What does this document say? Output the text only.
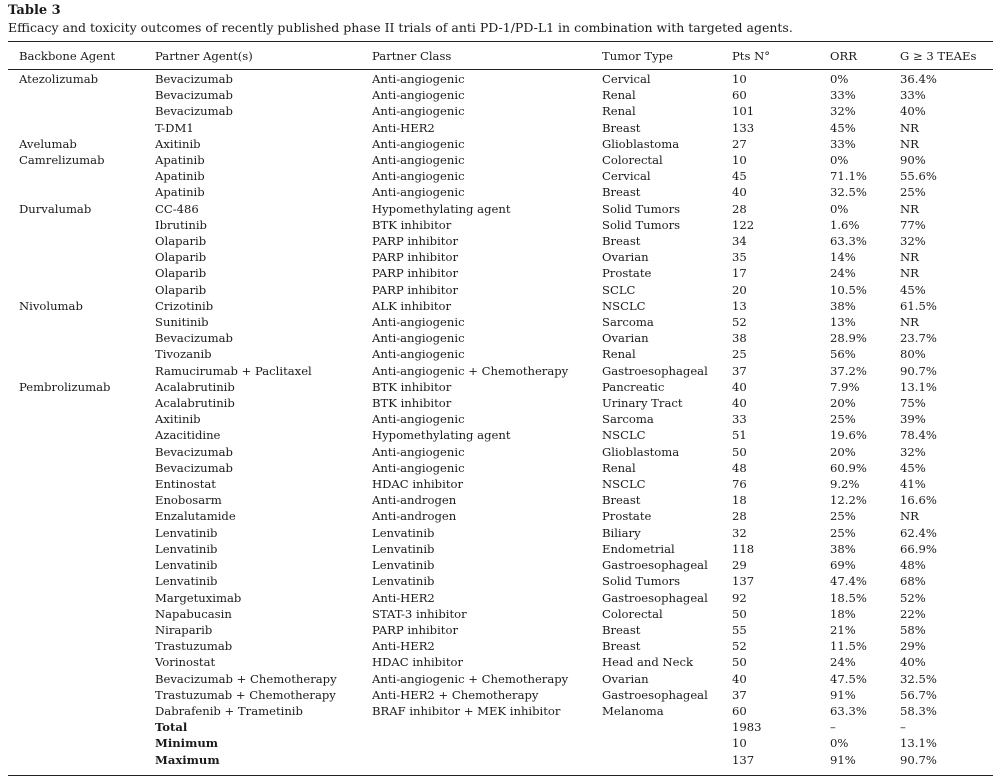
Table 3
Efficacy and toxicity outcomes of recently published phase II trials of anti PD-1/PD-L1 in combination with targeted agents.
Backbone Agent	Partner Agent(s)	Partner Class	Tumor Type	Pts N°	ORR	G ≥ 3 TEAEs
Atezolizumab	Bevacizumab	Anti-angiogenic	Cervical	10	0%	36.4%
	Bevacizumab	Anti-angiogenic	Renal	60	33%	33%
	Bevacizumab	Anti-angiogenic	Renal	101	32%	40%
	T-DM1	Anti-HER2	Breast	133	45%	NR
Avelumab	Axitinib	Anti-angiogenic	Glioblastoma	27	33%	NR
Camrelizumab	Apatinib	Anti-angiogenic	Colorectal	10	0%	90%
	Apatinib	Anti-angiogenic	Cervical	45	71.1%	55.6%
	Apatinib	Anti-angiogenic	Breast	40	32.5%	25%
Durvalumab	CC-486	Hypomethylating agent	Solid Tumors	28	0%	NR
	Ibrutinib	BTK inhibitor	Solid Tumors	122	1.6%	77%
	Olaparib	PARP inhibitor	Breast	34	63.3%	32%
	Olaparib	PARP inhibitor	Ovarian	35	14%	NR
	Olaparib	PARP inhibitor	Prostate	17	24%	NR
	Olaparib	PARP inhibitor	SCLC	20	10.5%	45%
Nivolumab	Crizotinib	ALK inhibitor	NSCLC	13	38%	61.5%
	Sunitinib	Anti-angiogenic	Sarcoma	52	13%	NR
	Bevacizumab	Anti-angiogenic	Ovarian	38	28.9%	23.7%
	Tivozanib	Anti-angiogenic	Renal	25	56%	80%
	Ramucirumab + Paclitaxel	Anti-angiogenic + Chemotherapy	Gastroesophageal	37	37.2%	90.7%
Pembrolizumab	Acalabrutinib	BTK inhibitor	Pancreatic	40	7.9%	13.1%
	Acalabrutinib	BTK inhibitor	Urinary Tract	40	20%	75%
	Axitinib	Anti-angiogenic	Sarcoma	33	25%	39%
	Azacitidine	Hypomethylating agent	NSCLC	51	19.6%	78.4%
	Bevacizumab	Anti-angiogenic	Glioblastoma	50	20%	32%
	Bevacizumab	Anti-angiogenic	Renal	48	60.9%	45%
	Entinostat	HDAC inhibitor	NSCLC	76	9.2%	41%
	Enobosarm	Anti-androgen	Breast	18	12.2%	16.6%
	Enzalutamide	Anti-androgen	Prostate	28	25%	NR
	Lenvatinib	Lenvatinib	Biliary	32	25%	62.4%
	Lenvatinib	Lenvatinib	Endometrial	118	38%	66.9%
	Lenvatinib	Lenvatinib	Gastroesophageal	29	69%	48%
	Lenvatinib	Lenvatinib	Solid Tumors	137	47.4%	68%
	Margetuximab	Anti-HER2	Gastroesophageal	92	18.5%	52%
	Napabucasin	STAT-3 inhibitor	Colorectal	50	18%	22%
	Niraparib	PARP inhibitor	Breast	55	21%	58%
	Trastuzumab	Anti-HER2	Breast	52	11.5%	29%
	Vorinostat	HDAC inhibitor	Head and Neck	50	24%	40%
	Bevacizumab + Chemotherapy	Anti-angiogenic + Chemotherapy	Ovarian	40	47.5%	32.5%
	Trastuzumab + Chemotherapy	Anti-HER2 + Chemotherapy	Gastroesophageal	37	91%	56.7%
	Dabrafenib + Trametinib	BRAF inhibitor + MEK inhibitor	Melanoma	60	63.3%	58.3%
	Total			1983	–	–
	Minimum			10	0%	13.1%
	Maximum			137	91%	90.7%
